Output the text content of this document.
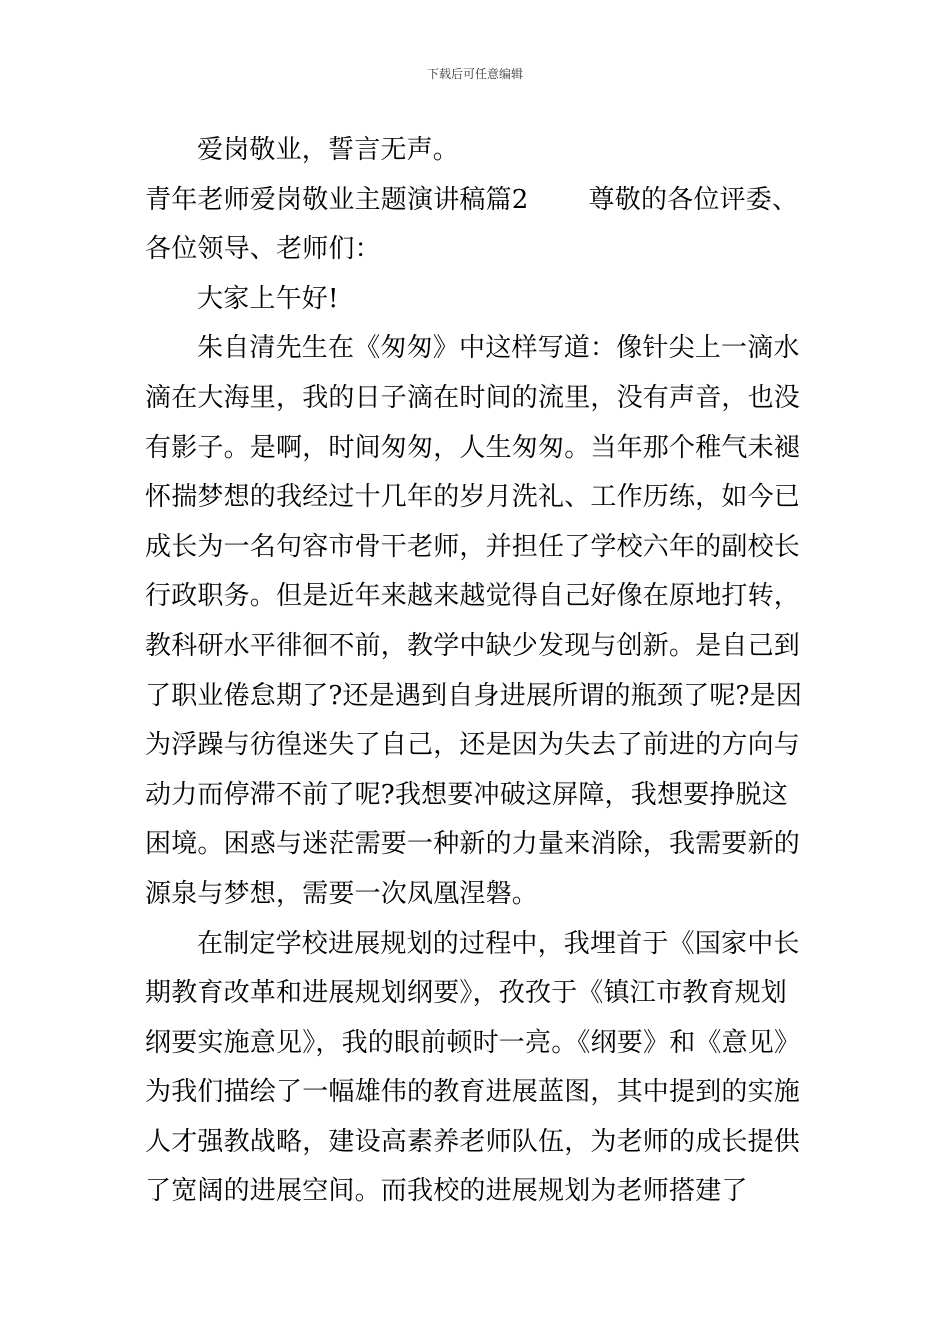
下载后可任意编辑

爱岗敬业，誓言无声。

青年老师爱岗敬业主题演讲稿篇2 尊敬的各位评委、各位领导、老师们：

大家上午好!

朱自清先生在《匆匆》中这样写道：像针尖上一滴水滴在大海里，我的日子滴在时间的流里，没有声音，也没有影子。是啊，时间匆匆，人生匆匆。当年那个稚气未褪怀揣梦想的我经过十几年的岁月洗礼、工作历练，如今已成长为一名句容市骨干老师，并担任了学校六年的副校长行政职务。但是近年来越来越觉得自己好像在原地打转，教科研水平徘徊不前，教学中缺少发现与创新。是自己到了职业倦怠期了?还是遇到自身进展所谓的瓶颈了呢?是因为浮躁与彷徨迷失了自己，还是因为失去了前进的方向与动力而停滞不前了呢?我想要冲破这屏障，我想要挣脱这困境。困惑与迷茫需要一种新的力量来消除，我需要新的源泉与梦想，需要一次凤凰涅磐。

在制定学校进展规划的过程中，我埋首于《国家中长期教育改革和进展规划纲要》，孜孜于《镇江市教育规划纲要实施意见》，我的眼前顿时一亮。《纲要》和《意见》为我们描绘了一幅雄伟的教育进展蓝图，其中提到的实施人才强教战略，建设高素养老师队伍，为老师的成长提供了宽阔的进展空间。而我校的进展规划为老师搭建了
